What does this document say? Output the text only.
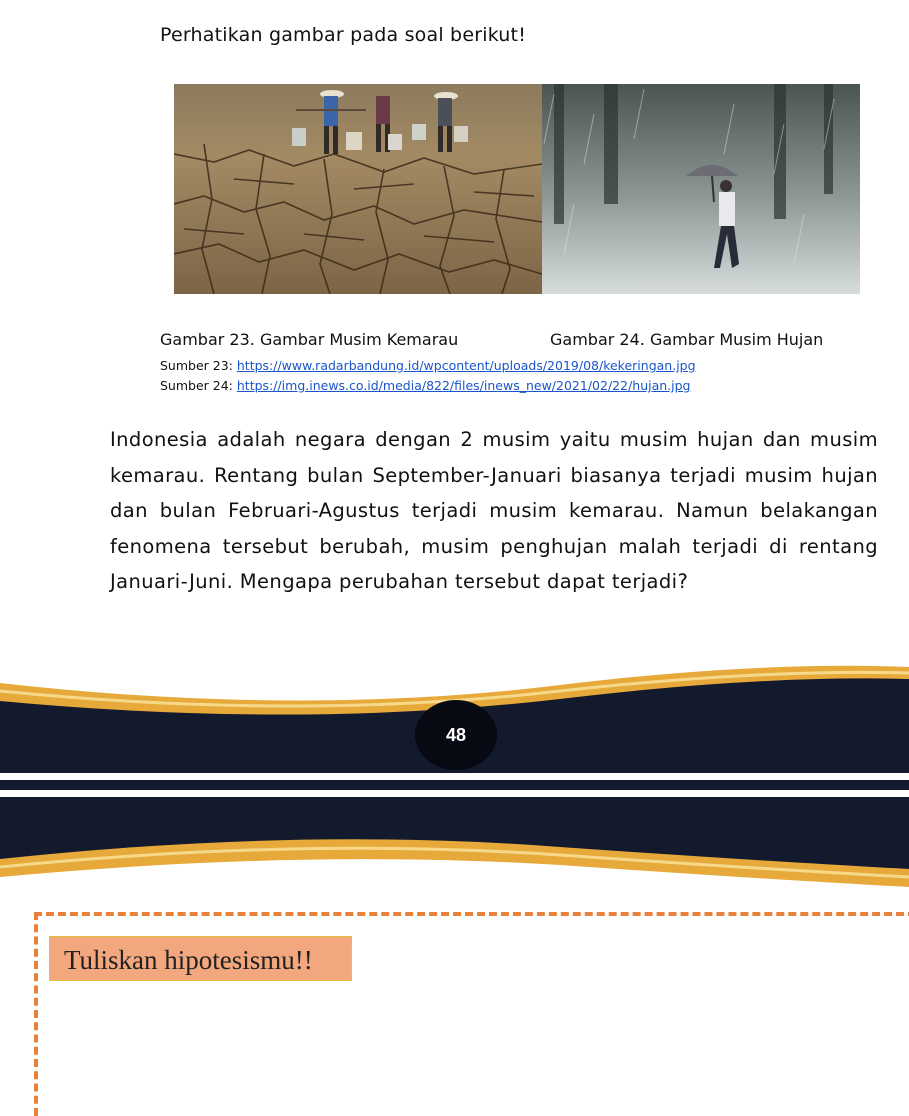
Perhatikan gambar pada soal berikut!
Gambar 23. Gambar Musim Kemarau	Gambar 24. Gambar Musim Hujan
Sumber 23: https://www.radarbandung.id/wpcontent/uploads/2019/08/kekeringan.jpg
Sumber 24: https://img.inews.co.id/media/822/files/inews_new/2021/02/22/hujan.jpg
Indonesia adalah negara dengan 2 musim yaitu musim hujan dan musim kemarau. Rentang bulan September-Januari biasanya terjadi musim hujan dan bulan Februari-Agustus terjadi musim kemarau. Namun belakangan fenomena tersebut berubah, musim penghujan malah terjadi di rentang Januari-Juni. Mengapa perubahan tersebut dapat terjadi?
48
Tuliskan hipotesismu!!
